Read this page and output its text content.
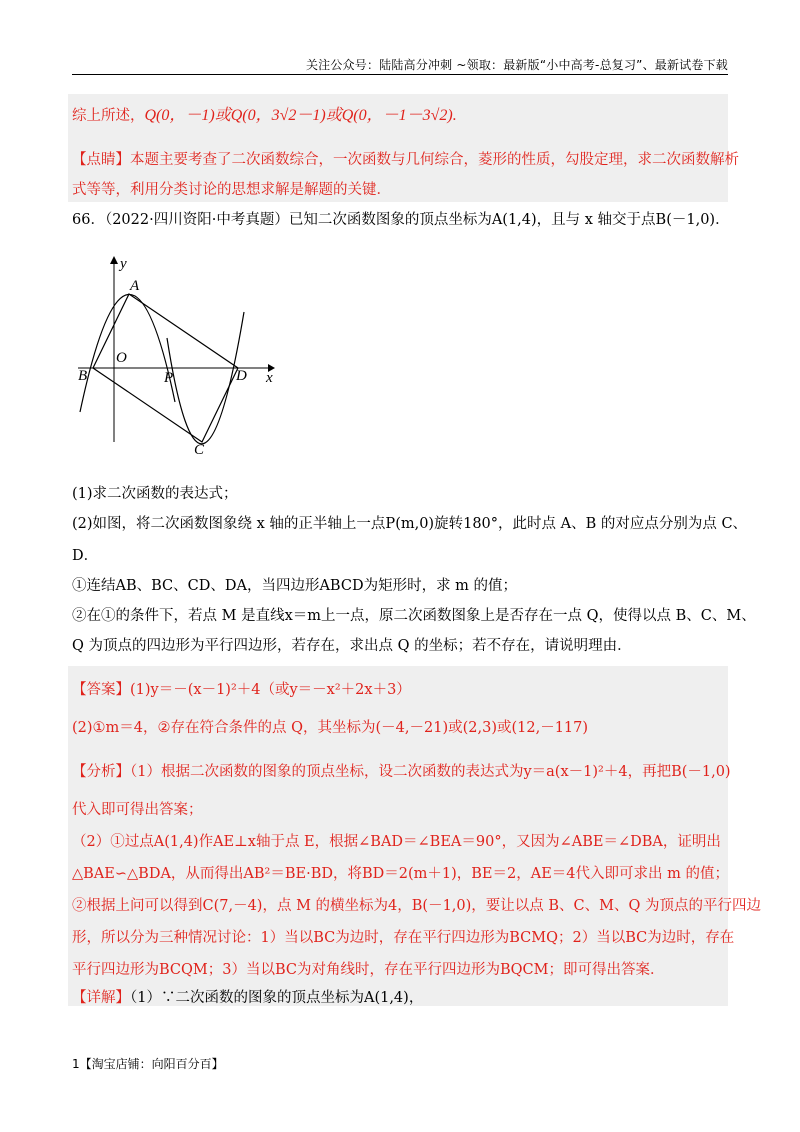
关注公众号：陆陆高分冲刺 ~领取：最新版“小中高考-总复习”、最新试卷下载
综上所述，Q(0，－1)或Q(0，3√2－1)或Q(0，－1－3√2).
【点睛】本题主要考查了二次函数综合，一次函数与几何综合，菱形的性质，勾股定理，求二次函数解析
式等等，利用分类讨论的思想求解是解题的关键．
66．（2022·四川资阳·中考真题）已知二次函数图象的顶点坐标为A(1,4)，且与 x 轴交于点B(－1,0)．
y
x
O
A
B	P	D
C
(1)求二次函数的表达式；
(2)如图，将二次函数图象绕 x 轴的正半轴上一点P(m,0)旋转180°，此时点 A、B 的对应点分别为点 C、
D．
①连结AB、BC、CD、DA，当四边形ABCD为矩形时，求 m 的值；
②在①的条件下，若点 M 是直线x＝m上一点，原二次函数图象上是否存在一点 Q，使得以点 B、C、M、
Q 为顶点的四边形为平行四边形，若存在，求出点 Q 的坐标；若不存在，请说明理由．
【答案】(1)y＝－(x－1)²＋4（或y＝－x²＋2x＋3）
(2)①m＝4，②存在符合条件的点 Q，其坐标为(－4,－21)或(2,3)或(12,－117)
【分析】（1）根据二次函数的图象的顶点坐标，设二次函数的表达式为y＝a(x－1)²＋4，再把B(－1,0)
代入即可得出答案；
（2）①过点A(1,4)作AE⊥x轴于点 E，根据∠BAD＝∠BEA＝90°，又因为∠ABE＝∠DBA，证明出
△BAE∽△BDA，从而得出AB²＝BE·BD，将BD＝2(m＋1)，BE＝2，AE＝4代入即可求出 m 的值；
②根据上问可以得到C(7,－4)，点 M 的横坐标为4，B(－1,0)，要让以点 B、C、M、Q 为顶点的平行四边
形，所以分为三种情况讨论：1）当以BC为边时，存在平行四边形为BCMQ；2）当以BC为边时，存在
平行四边形为BCQM；3）当以BC为对角线时，存在平行四边形为BQCM；即可得出答案．
【详解】（1）∵二次函数的图象的顶点坐标为A(1,4)，
1【淘宝店铺：向阳百分百】
